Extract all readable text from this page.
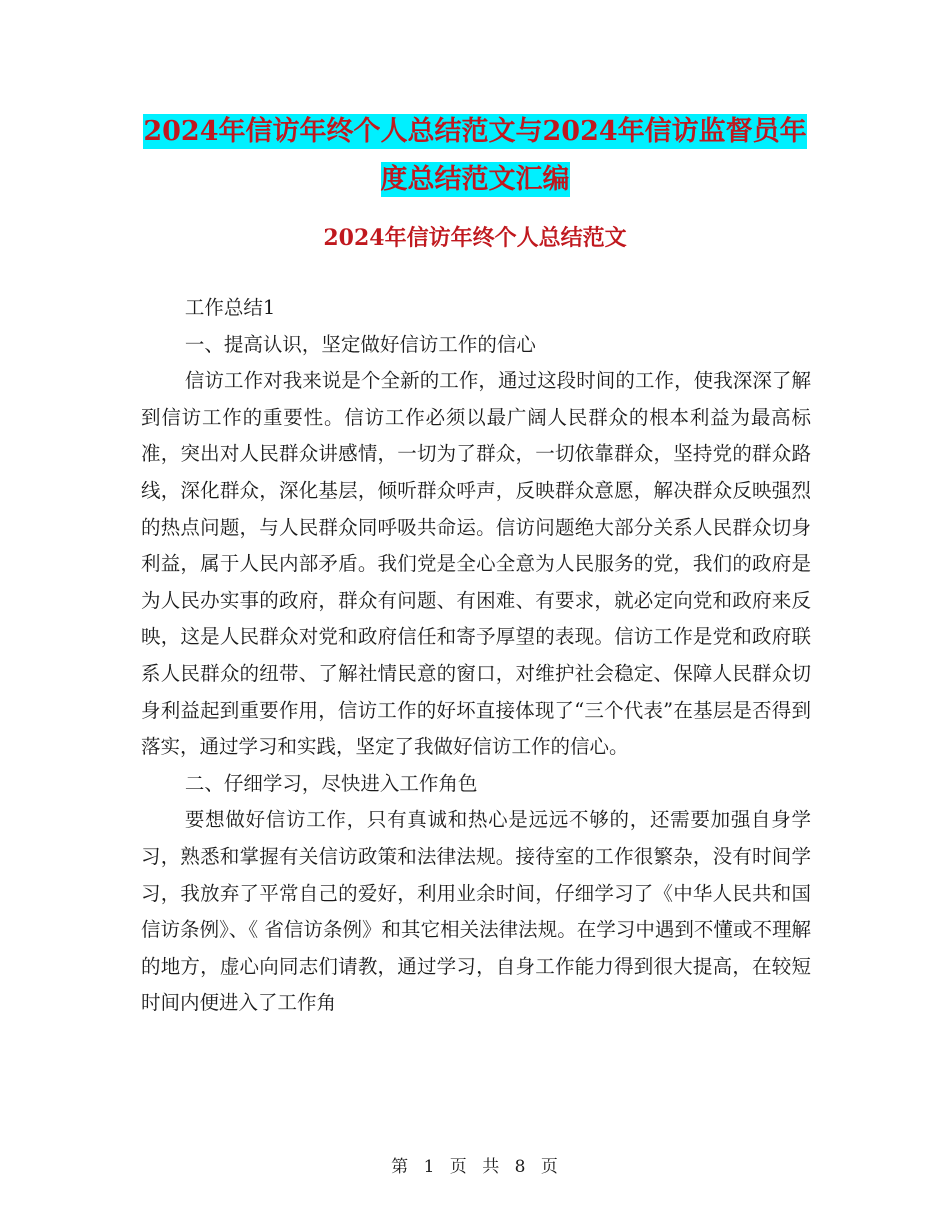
2024年信访年终个人总结范文与2024年信访监督员年
度总结范文汇编
2024年信访年终个人总结范文

工作总结1

一、提高认识，坚定做好信访工作的信心

信访工作对我来说是个全新的工作，通过这段时间的工作，使我深深了解到信访工作的重要性。信访工作必须以最广阔人民群众的根本利益为最高标准，突出对人民群众讲感情，一切为了群众，一切依靠群众，坚持党的群众路线，深化群众，深化基层，倾听群众呼声，反映群众意愿，解决群众反映强烈的热点问题，与人民群众同呼吸共命运。信访问题绝大部分关系人民群众切身利益，属于人民内部矛盾。我们党是全心全意为人民服务的党，我们的政府是为人民办实事的政府，群众有问题、有困难、有要求，就必定向党和政府来反映，这是人民群众对党和政府信任和寄予厚望的表现。信访工作是党和政府联系人民群众的纽带、了解社情民意的窗口，对维护社会稳定、保障人民群众切身利益起到重要作用，信访工作的好坏直接体现了“三个代表”在基层是否得到落实，通过学习和实践，坚定了我做好信访工作的信心。

二、仔细学习，尽快进入工作角色

要想做好信访工作，只有真诚和热心是远远不够的，还需要加强自身学习，熟悉和掌握有关信访政策和法律法规。接待室的工作很繁杂，没有时间学习，我放弃了平常自己的爱好，利用业余时间，仔细学习了《中华人民共和国信访条例》、《 省信访条例》和其它相关法律法规。在学习中遇到不懂或不理解的地方，虚心向同志们请教，通过学习，自身工作能力得到很大提高，在较短时间内便进入了工作角

第 1 页 共 8 页
